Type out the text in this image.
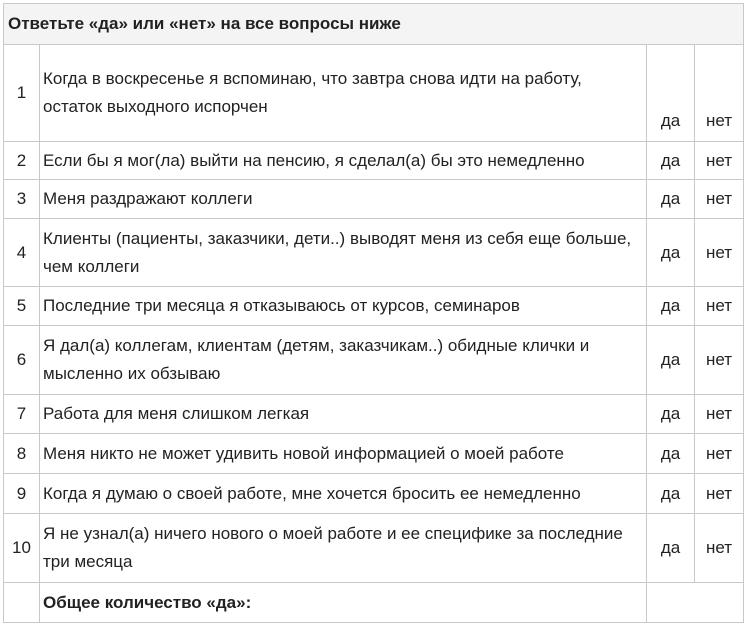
Ответьте «да» или «нет» на все вопросы ниже			
1	Когда в воскресенье я вспоминаю, что завтра снова идти на работу, остаток выходного испорчен	да	нет
2	Если бы я мог(ла) выйти на пенсию, я сделал(а) бы это немедленно	да	нет
3	Меня раздражают коллеги	да	нет
4	Клиенты (пациенты, заказчики, дети..) выводят меня из себя еще больше, чем коллеги	да	нет
5	Последние три месяца я отказываюсь от курсов, семинаров	да	нет
6	Я дал(а) коллегам, клиентам (детям, заказчикам..) обидные клички и мысленно их обзываю	да	нет
7	Работа для меня слишком легкая	да	нет
8	Меня никто не может удивить новой информацией о моей работе	да	нет
9	Когда я думаю о своей работе, мне хочется бросить ее немедленно	да	нет
10	Я не узнал(а) ничего нового о моей работе и ее специфике за последние три месяца	да	нет
	Общее количество «да»:		
